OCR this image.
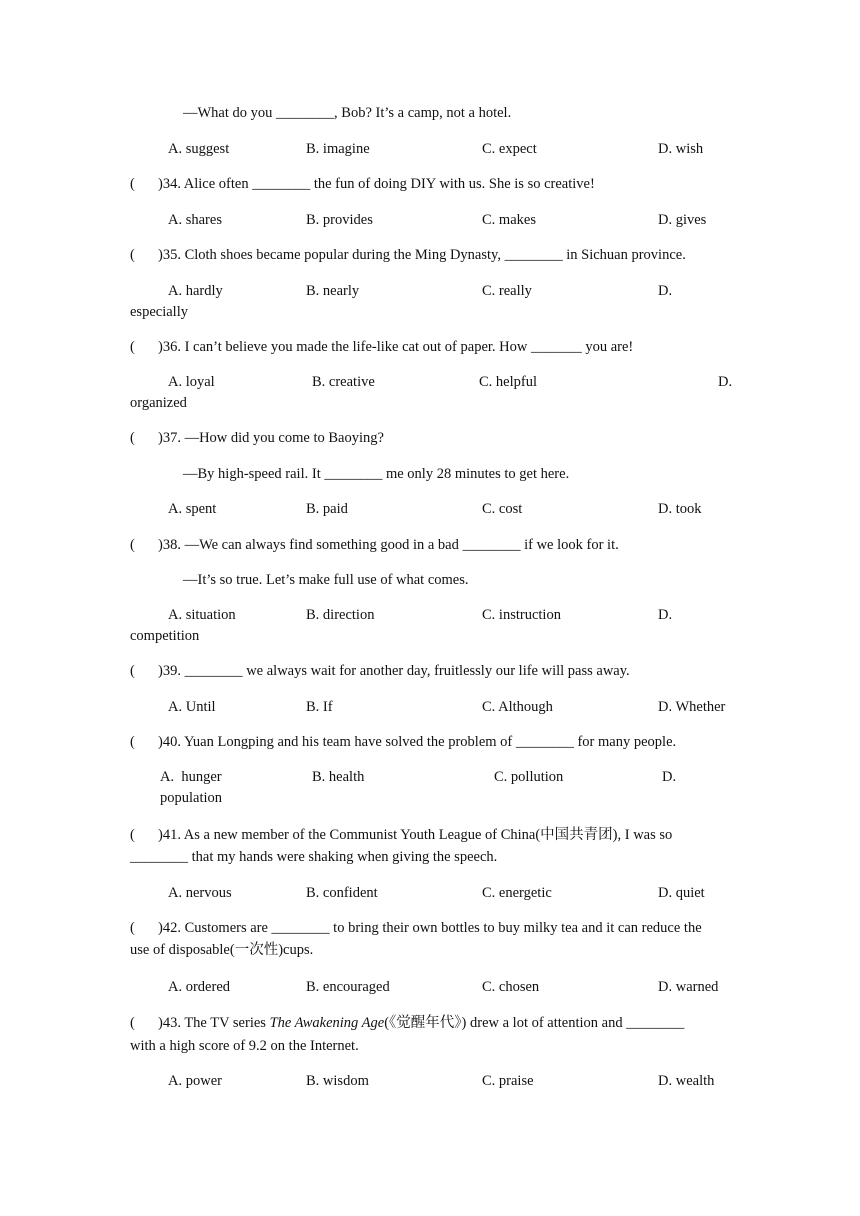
—What do you ________, Bob? It’s a camp, not a hotel.
A. suggest	B. imagine	C. expect	D. wish
( )34. Alice often ________ the fun of doing DIY with us. She is so creative!
A. shares	B. provides	C. makes	D. gives
( )35. Cloth shoes became popular during the Ming Dynasty, ________ in Sichuan province.
A. hardly	B. nearly	C. really	D.
especially
( )36. I can’t believe you made the life-like cat out of paper. How _______ you are!
A. loyal	B. creative	C. helpful	D.
organized
( )37. —How did you come to Baoying?
—By high-speed rail. It ________ me only 28 minutes to get here.
A. spent	B. paid	C. cost	D. took
( )38. —We can always find something good in a bad ________ if we look for it.
—It’s so true. Let’s make full use of what comes.
A. situation	B. direction	C. instruction	D.
competition
( )39. ________ we always wait for another day, fruitlessly our life will pass away.
A. Until	B. If	C. Although	D. Whether
( )40. Yuan Longping and his team have solved the problem of ________ for many people.
A.  hunger	B. health	C. pollution	D.
population
( )41. As a new member of the Communist Youth League of China(中国共青团), I was so
________ that my hands were shaking when giving the speech.
A. nervous	B. confident	C. energetic	D. quiet
( )42. Customers are ________ to bring their own bottles to buy milky tea and it can reduce the
use of disposable(一次性)cups.
A. ordered	B. encouraged	C. chosen	D. warned
( )43. The TV series The Awakening Age(《觉醒年代》) drew a lot of attention and ________
with a high score of 9.2 on the Internet.
A. power	B. wisdom	C. praise	D. wealth
